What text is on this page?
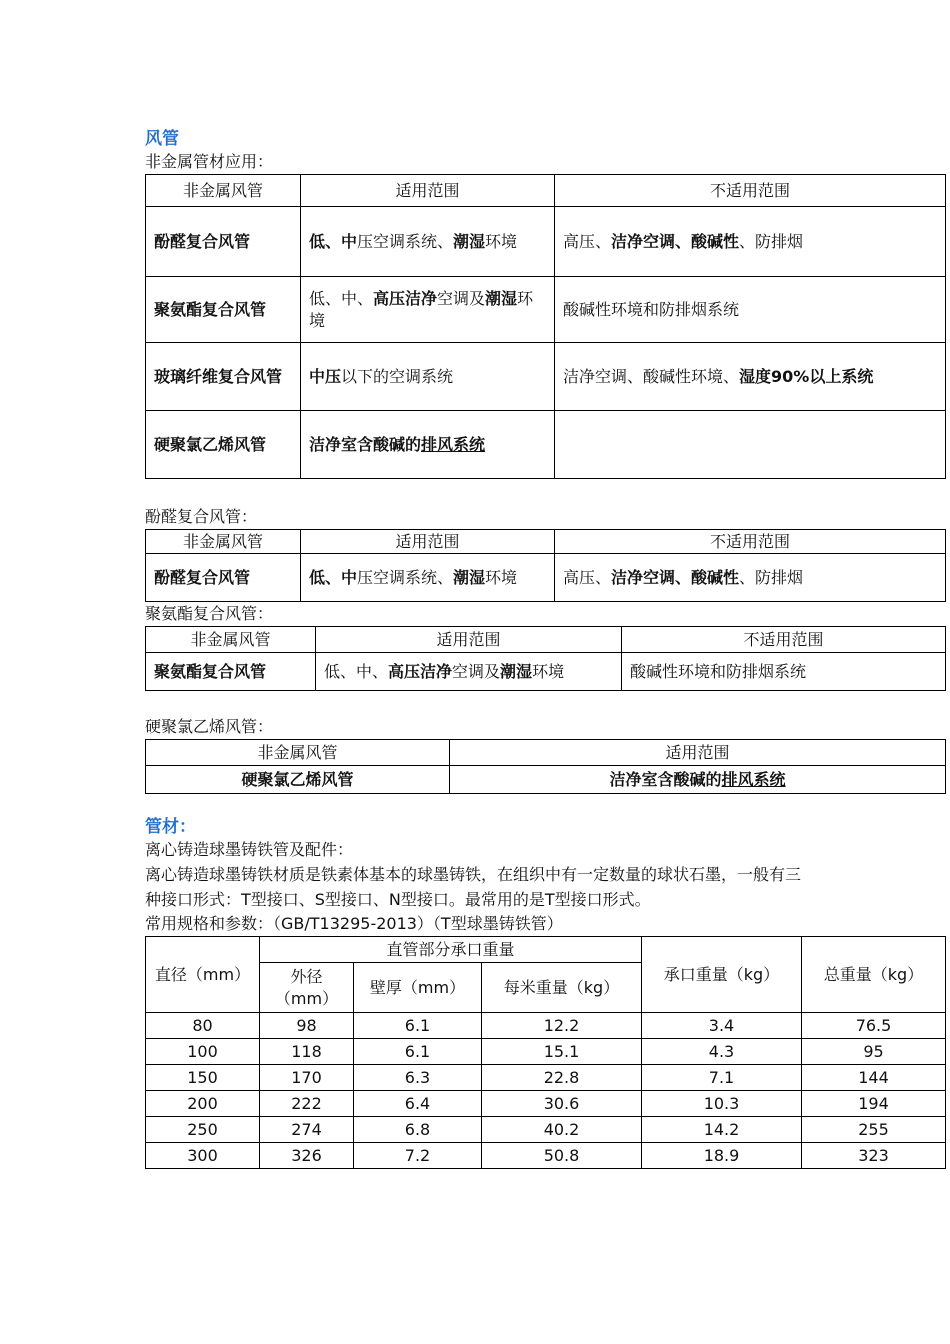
风管
非金属管材应用：
非金属风管	适用范围	不适用范围
酚醛复合风管	低、中压空调系统、潮湿环境	高压、洁净空调、酸碱性、防排烟
聚氨酯复合风管	低、中、高压洁净空调及潮湿环境	酸碱性环境和防排烟系统
玻璃纤维复合风管	中压以下的空调系统	洁净空调、酸碱性环境、湿度90%以上系统
硬聚氯乙烯风管	洁净室含酸碱的排风系统	
酚醛复合风管：
非金属风管	适用范围	不适用范围
酚醛复合风管	低、中压空调系统、潮湿环境	高压、洁净空调、酸碱性、防排烟
聚氨酯复合风管：
非金属风管	适用范围	不适用范围
聚氨酯复合风管	低、中、高压洁净空调及潮湿环境	酸碱性环境和防排烟系统
硬聚氯乙烯风管：
非金属风管	适用范围
硬聚氯乙烯风管	洁净室含酸碱的排风系统
管材：
离心铸造球墨铸铁管及配件：
离心铸造球墨铸铁材质是铁素体基本的球墨铸铁，在组织中有一定数量的球状石墨，一般有三种接口形式：T型接口、S型接口、N型接口。最常用的是T型接口形式。
常用规格和参数：（GB/T13295-2013）（T型球墨铸铁管）
直径（mm）	直管部分承口重量			承口重量（kg）	总重量（kg）
	外径（mm）	壁厚（mm）	每米重量（kg）		
80	98	6.1	12.2	3.4	76.5
100	118	6.1	15.1	4.3	95
150	170	6.3	22.8	7.1	144
200	222	6.4	30.6	10.3	194
250	274	6.8	40.2	14.2	255
300	326	7.2	50.8	18.9	323
